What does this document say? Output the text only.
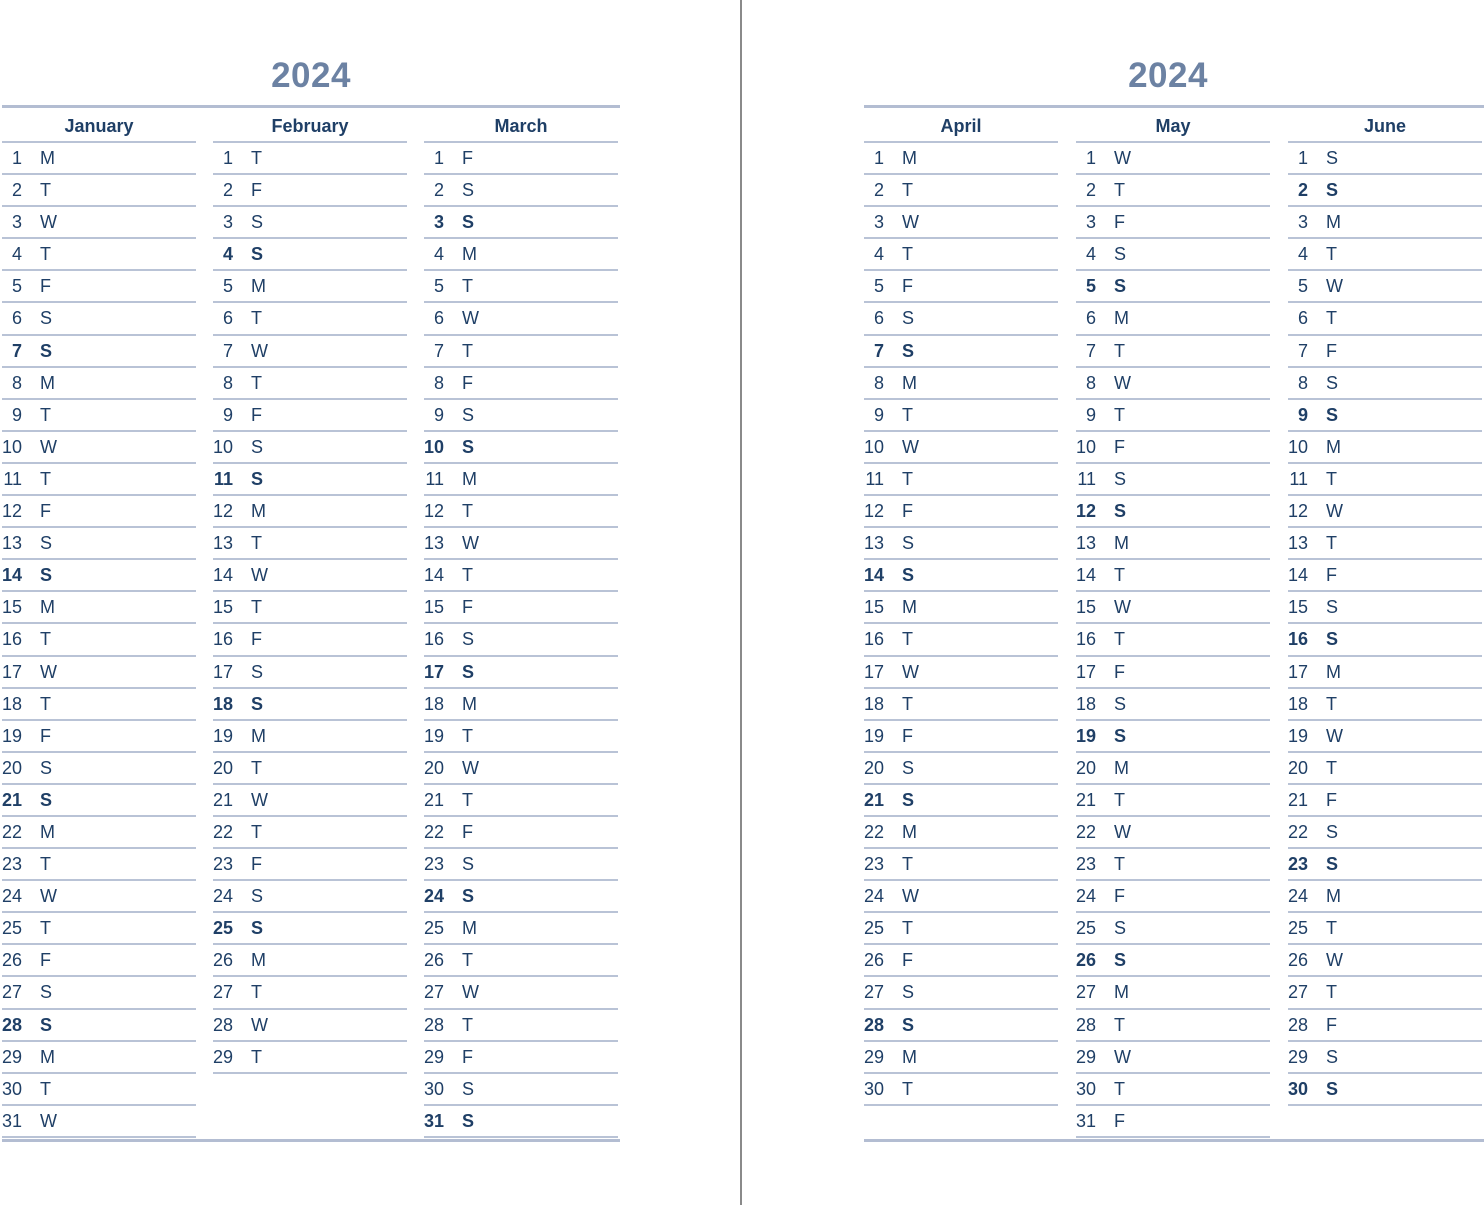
2024
January
1 M
2 T
3 W
4 T
5 F
6 S
7 S
8 M
9 T
10 W
11 T
12 F
13 S
14 S
15 M
16 T
17 W
18 T
19 F
20 S
21 S
22 M
23 T
24 W
25 T
26 F
27 S
28 S
29 M
30 T
31 W
February
1 T
2 F
3 S
4 S
5 M
6 T
7 W
8 T
9 F
10 S
11 S
12 M
13 T
14 W
15 T
16 F
17 S
18 S
19 M
20 T
21 W
22 T
23 F
24 S
25 S
26 M
27 T
28 W
29 T
March
1 F
2 S
3 S
4 M
5 T
6 W
7 T
8 F
9 S
10 S
11 M
12 T
13 W
14 T
15 F
16 S
17 S
18 M
19 T
20 W
21 T
22 F
23 S
24 S
25 M
26 T
27 W
28 T
29 F
30 S
31 S
2024
April
1 M
2 T
3 W
4 T
5 F
6 S
7 S
8 M
9 T
10 W
11 T
12 F
13 S
14 S
15 M
16 T
17 W
18 T
19 F
20 S
21 S
22 M
23 T
24 W
25 T
26 F
27 S
28 S
29 M
30 T
May
1 W
2 T
3 F
4 S
5 S
6 M
7 T
8 W
9 T
10 F
11 S
12 S
13 M
14 T
15 W
16 T
17 F
18 S
19 S
20 M
21 T
22 W
23 T
24 F
25 S
26 S
27 M
28 T
29 W
30 T
31 F
June
1 S
2 S
3 M
4 T
5 W
6 T
7 F
8 S
9 S
10 M
11 T
12 W
13 T
14 F
15 S
16 S
17 M
18 T
19 W
20 T
21 F
22 S
23 S
24 M
25 T
26 W
27 T
28 F
29 S
30 S
